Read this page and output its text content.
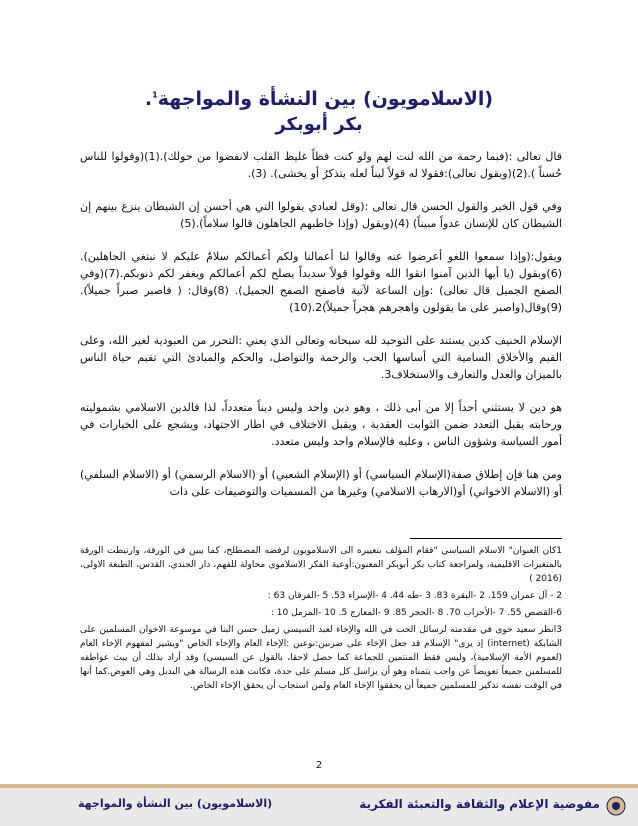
(الاسلامويون) بين النشأة والمواجهة$^1$.
بكر أبوبكر

قال تعالى :(فبما رحمة من الله لنت لهم ولو كنت فظاً غليظ القلب لانفضوا من حولك).(1)(وقولوا للناس حُسناً ).(2)(ويقول تعالى):فقولا له قولاً ليناً لعله يتذكرُ أو يخشى). (3).

وفي قول الخير والقول الحسن قال تعالى :(وقل لعبادي يقولوا التي هي أحسن إن الشيطان ينزغ بينهم إن الشيطان كان للإنسان عدواً مبيناً) (4)(ويقول (وإذا خاطبهم الجاهلون قالوا سلاماً).(5)

ويقول:(وإذا سمعوا اللغو أعرضوا عنه وقالوا لنا أعمالنا ولكم أعمالكم سلامٌ عليكم لا نبتغي الجاهلين).(6)ويقول (يا أيها الذين آمنوا اتقوا الله وقولوا قولاً سديداً يصلح لكم أعمالكم ويغفر لكم ذنوبكم.(7)(وفي الصفح الجميل قال تعالى) :وإن الساعة لآتية فاصفح الصفح الجميل). (8)وقال: ( فاصبر صبراً جميلاً). (9)وقال(واصبر على ما يقولون واهجرهم هجراً جميلاً)2.(10)

الإسلام الحنيف كدين يستند على التوحيد لله سبحانه وتعالى الذي يعني :التحرر من العبودية لغير الله، وعلى القيم والأخلاق السامية التي أساسها الحب والرحمة والتواصل، والحكم والمبادئ التي تقيم حياة الناس بالميزان والعدل والتعارف والاستخلاف3.

هو دين لا يستثني أحداً إلا من أبى ذلك ، وهو دين واحد وليس ديناً متعدداً، لذا فالدين الاسلامي بشموليته ورحابته يقبل التعدد ضمن الثوابت العقدية ، ويقبل الاختلاف في اطار الاجتهاد، ويشجع على الخيارات في أمور السياسة وشؤون الناس ، وعليه فالإسلام واحد وليس متعدد.

ومن هنا فإن إطلاق صفة(الإسلام السياسي) أو (الإسلام الشعبي) أو (الاسلام الرسمي) أو (الاسلام السلفي) أو (الاسلام الاخواني) أو(الارهاب الاسلامي) وغيرها من المسميات والتوصيفات على ذات

1كان العنوان" الاسلام السياسي "فقام المؤلف بتغييره الى الاسلامويون لرفضه المصطلح، كما يبين في الورقة، وارتبطت الورقة بالمتغيرات الاقليمية، ولمراجعة كتاب بكر أبوبكر المعنون:أوعية الفكر الاسلاموي محاولة للفهم، دار الجندي، القدس، الطبعة الاولى،(2016 )

2 - آل عمران 159. 2 -البقرة 83. 3 -طه 44. 4 -الإسراء 53. 5 -الفرقان 63 :

6-القصص 55. 7 -الأحزاب 70. 8 -الحجر 85. 9 -المعارج 5. 10 -المزمل 10 :

3انظر سعيد حوى في مقدمته لرسائل الحب في الله والإخاء لعبد السيسي زميل حسن البنا في موسوعة الاخوان المسلمين على الشابكة (internet) إذ يرى" الإسلام قد جعل الإخاء على ضربين:نوعين :الإخاء العام والإخاء الخاص "ويشير لمفهوم الإخاء العام (لعموم الأمة الإسلامية)، وليس فقط المنتمين للجماعة كما حصل لاحقا، بالقول عن السيسي) وقد أراد بذلك أن يبث عواطفه للمسلمين جميعاً تعويضاً عن واجب يتمناه وهو أن يراسل كل مسلم على حدة، فكانت هذه الرسالة هي البديل وهي العوض.كما أنها في الوقت نفسه تذكير للمسلمين جميعاً أن يحققوا الإخاء العام ولمن استجاب أن يحقق الإخاء الخاص.

2
مفوضية الإعلام والثقافة والتعبئة الفكرية
(الاسلامويون) بين النشأة والمواجهة
